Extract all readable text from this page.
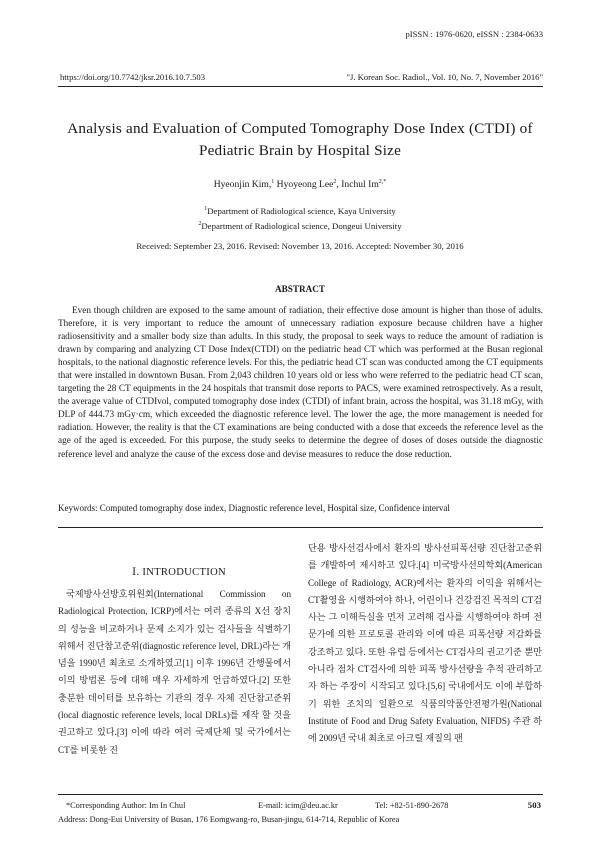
pISSN : 1976-0620, eISSN : 2384-0633
https://doi.org/10.7742/jksr.2016.10.7.503	"J. Korean Soc. Radiol., Vol. 10, No. 7, November 2016"
Analysis and Evaluation of Computed Tomography Dose Index (CTDI) of
Pediatric Brain by Hospital Size
Hyeonjin Kim,$^1$ Hyoyeong Lee$^2$, Inchul $Im^{2,*}$
$^1$Department of Radiological science, Kaya University
$^2$Department of Radiological science, Dongeui University
Received: September 23, 2016. Revised: November 13, 2016. Accepted: November 30, 2016
ABSTRACT

Even though children are exposed to the same amount of radiation, their effective dose amount is higher than those of adults. Therefore, it is very important to reduce the amount of unnecessary radiation exposure because children have a higher radiosensitivity and a smaller body size than adults. In this study, the proposal to seek ways to reduce the amount of radiation is drawn by comparing and analyzing CT Dose Index(CTDI) on the pediatric head CT which was performed at the Busan regional hospitals, to the national diagnostic reference levels. For this, the pediatric head CT scan was conducted among the CT equipments that were installed in downtown Busan. From 2,043 children 10 years old or less who were referred to the pediatric head CT scan, targeting the 28 CT equipments in the 24 hospitals that transmit dose reports to PACS, were examined retrospectively. As a result, the average value of CTDIvol, computed tomography dose index (CTDI) of infant brain, across the hospital, was 31.18 mGy, with DLP of 444.73 mGy·cm, which exceeded the diagnostic reference level. The lower the age, the more management is needed for radiation. However, the reality is that the CT examinations are being conducted with a dose that exceeds the reference level as the age of the aged is exceeded. For this purpose, the study seeks to determine the degree of doses of doses outside the diagnostic reference level and analyze the cause of the excess dose and devise measures to reduce the dose reduction.

Keywords: Computed tomography dose index, Diagnostic reference level, Hospital size, Confidence interval
Ⅰ. INTRODUCTION

국제방사선방호위원회(International Commission on Radiological Protection, ICRP)에서는 여러 종류의 X선 장치의 성능을 비교하거나 문제 소지가 있는 검사들을 식별하기 위해서 진단참고준위(diagnostic reference level, DRL)라는 개념을 1990년 최초로 소개하였고[1] 이후 1996년 간행물에서 이의 방법론 등에 대해 매우 자세하게 언급하였다.[2] 또한 충분한 데이터를 보유하는 기관의 경우 자체 진단참고준위(local diagnostic reference levels, local DRLs)를 제작 할 것을 권고하고 있다.[3] 이에 따라 여러 국제단체 및 국가에서는 CT를 비롯한 진

단용 방사선검사에서 환자의 방사선피폭선량 진단참고준위를 개발하여 제시하고 있다.[4] 미국방사선의학회(American College of Radiology, ACR)에서는 환자의 이익을 위해서는 CT촬영을 시행하여야 하나, 어린이나 건강검진 목적의 CT검사는 그 이해득실을 먼저 고려해 검사를 시행하여야 하며 전문가에 의한 프로토콜 관리와 이에 따른 피폭선량 저감화를 강조하고 있다. 또한 유럽 등에서는 CT검사의 권고기준 뿐만 아니라 점차 CT검사에 의한 피폭 방사선량을 추적 관리하고자 하는 주장이 시작되고 있다.[5,6] 국내에서도 이에 부합하기 위한 조치의 일환으로 식품의약품안전평가원(National Institute of Food and Drug Safety Evaluation, NIFDS) 주관 하에 2009년 국내 최초로 아크릴 재질의 팬

*Corresponding Author: Im In Chul	E-mail: icim@deu.ac.kr	Tel: +82-51-890-2678	503
Address: Dong-Eui University of Busan, 176 Eomgwang-ro, Busan-jingu, 614-714, Republic of Korea
